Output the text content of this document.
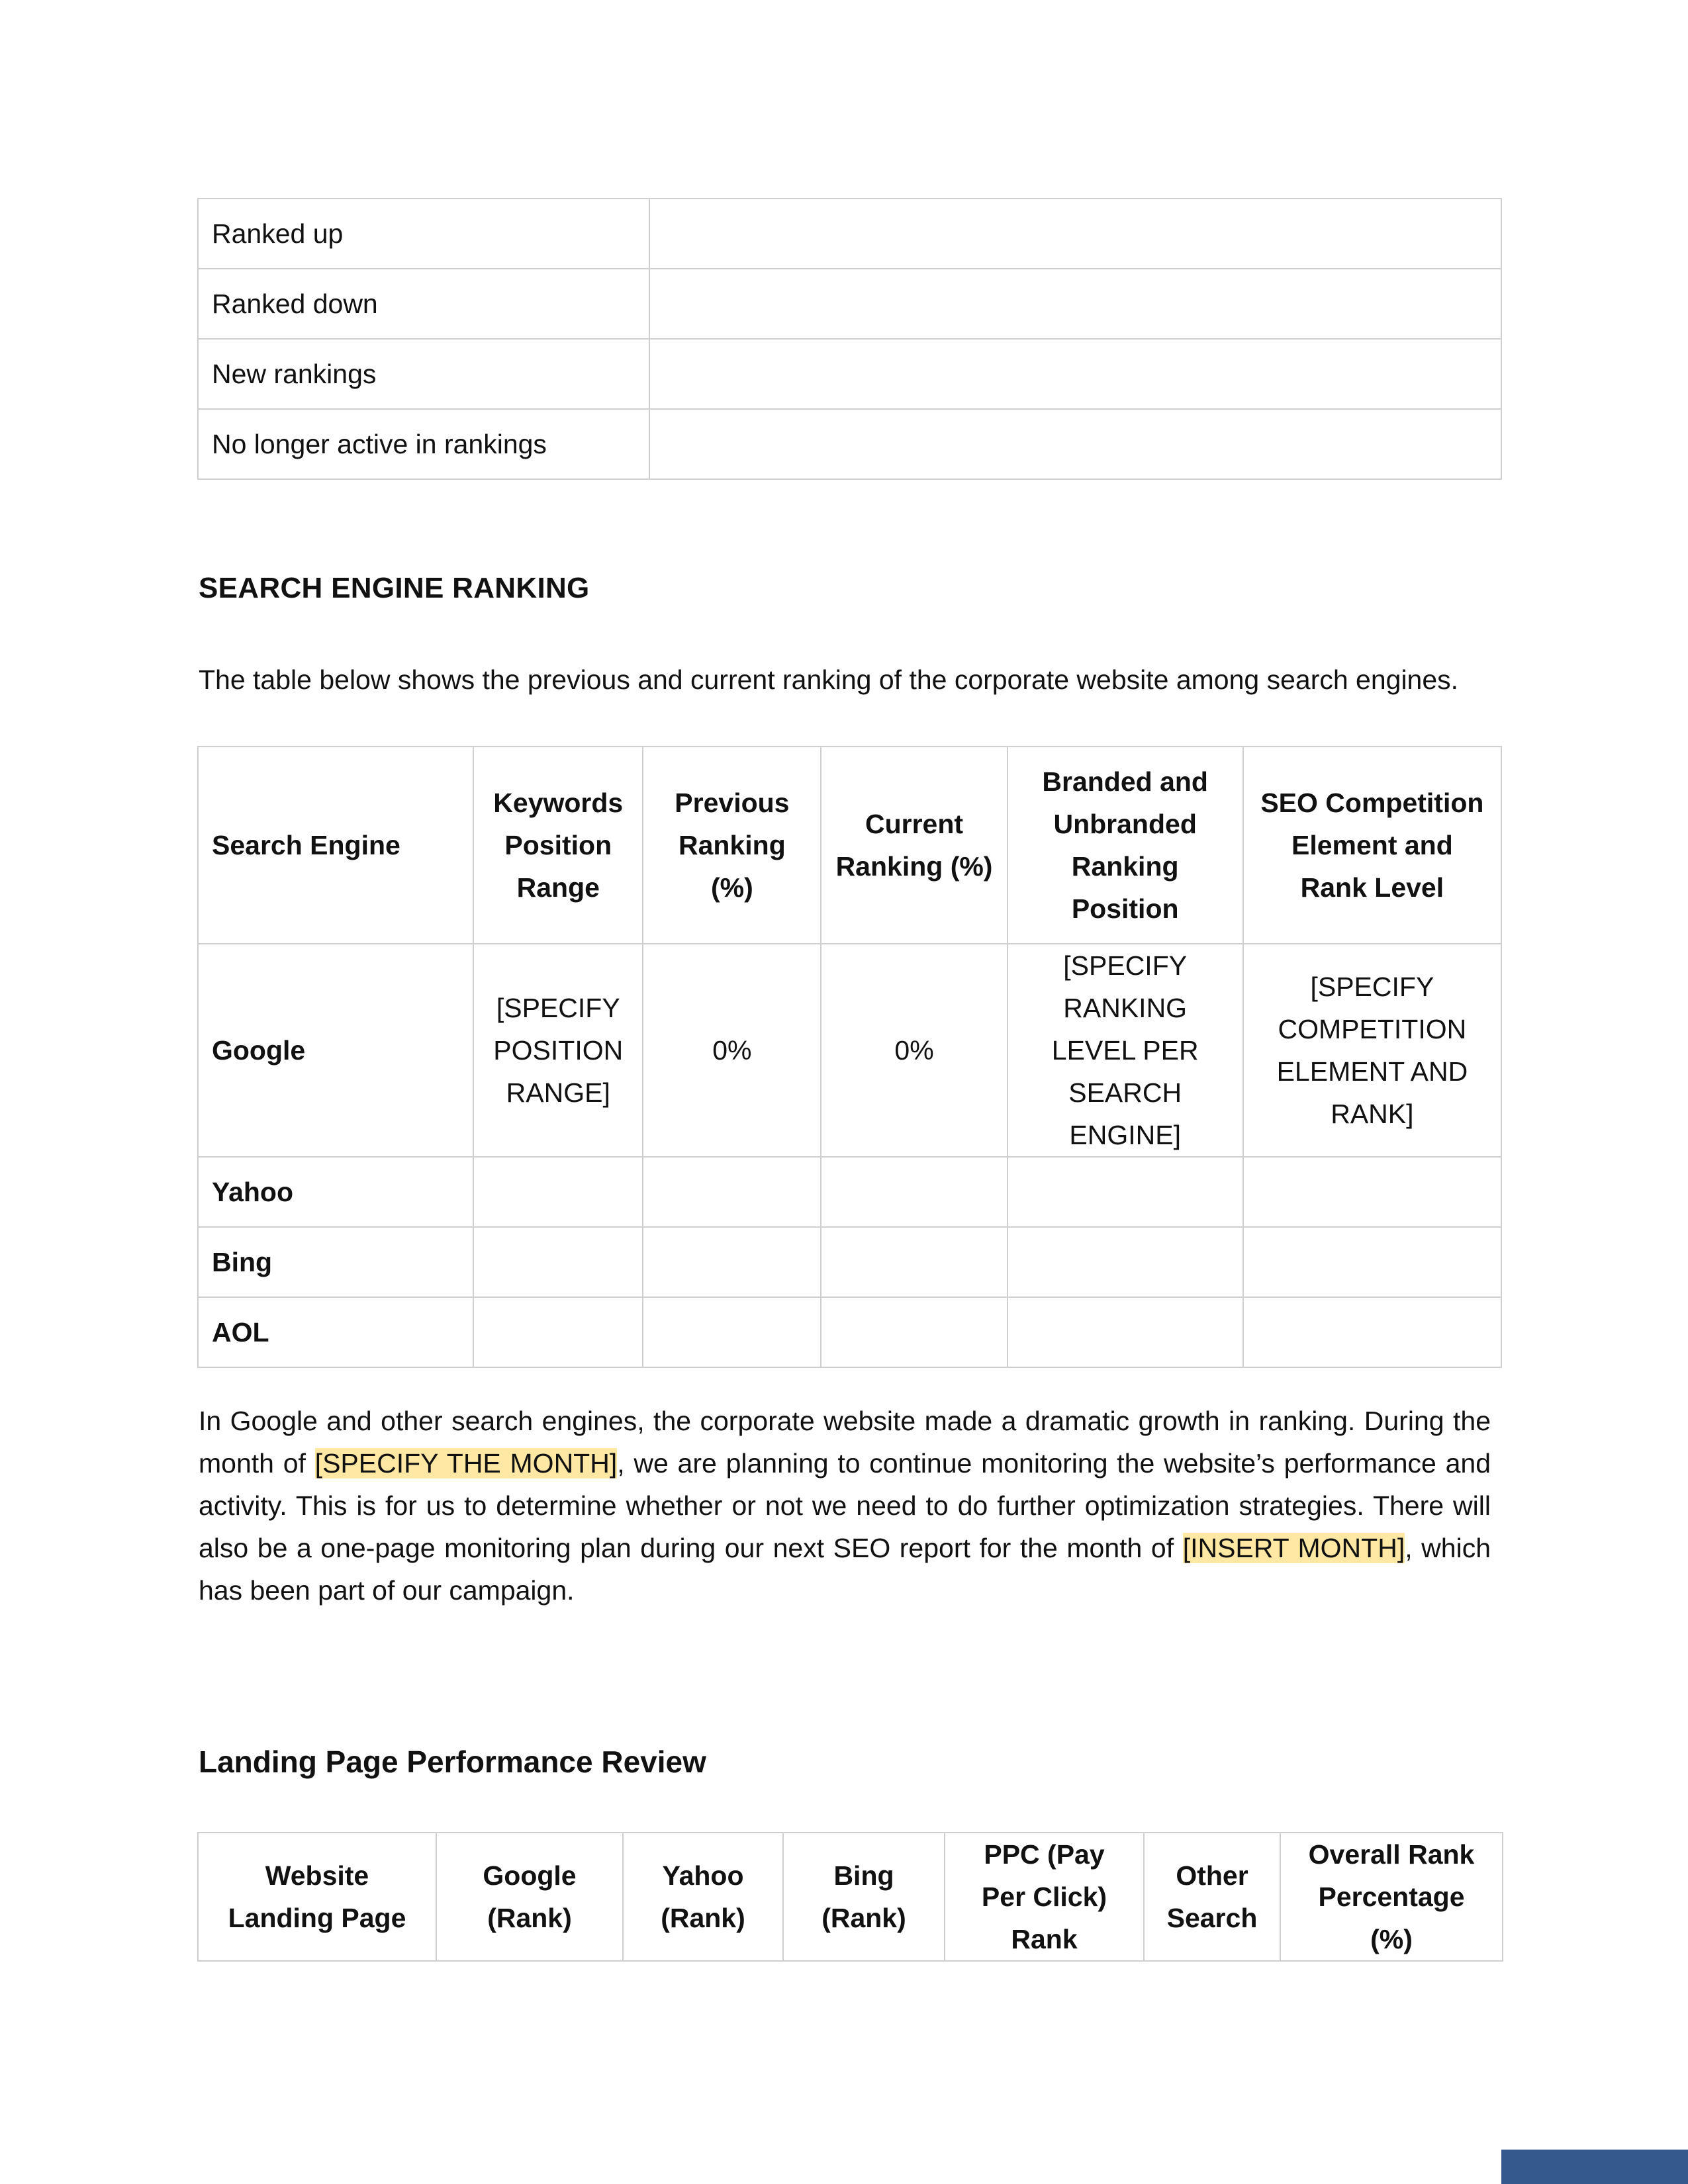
Ranked up	
Ranked down	
New rankings	
No longer active in rankings	
SEARCH ENGINE RANKING
The table below shows the previous and current ranking of the corporate website among search engines.
Search Engine	Keywords Position Range	Previous Ranking (%)	Current Ranking (%)	Branded and Unbranded Ranking Position	SEO Competition Element and Rank Level
Google	[SPECIFY POSITION RANGE]	0%	0%	[SPECIFY RANKING LEVEL PER SEARCH ENGINE]	[SPECIFY COMPETITION ELEMENT AND RANK]
Yahoo					
Bing					
AOL					
In Google and other search engines, the corporate website made a dramatic growth in ranking. During the month of [SPECIFY THE MONTH], we are planning to continue monitoring the website’s performance and activity. This is for us to determine whether or not we need to do further optimization strategies. There will also be a one-page monitoring plan during our next SEO report for the month of [INSERT MONTH], which has been part of our campaign.
Landing Page Performance Review
Website Landing Page	Google (Rank)	Yahoo (Rank)	Bing (Rank)	PPC (Pay Per Click) Rank	Other Search	Overall Rank Percentage (%)
